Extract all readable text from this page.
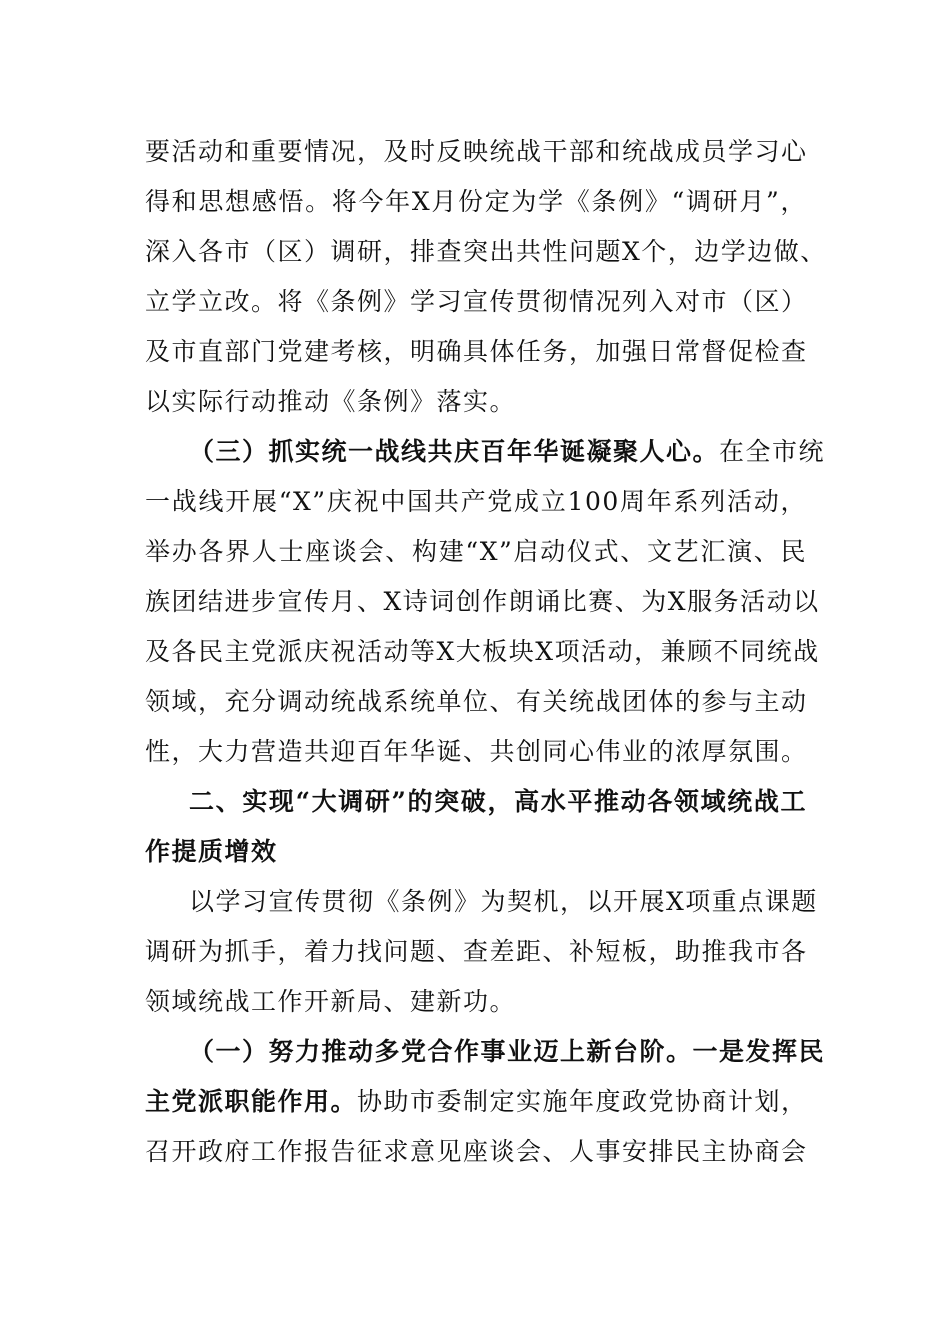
要活动和重要情况，及时反映统战干部和统战成员学习心
得和思想感悟。将今年X月份定为学《条例》“调研月”，
深入各市（区）调研，排查突出共性问题X个，边学边做、
立学立改。将《条例》学习宣传贯彻情况列入对市（区）
及市直部门党建考核，明确具体任务，加强日常督促检查
以实际行动推动《条例》落实。
（三）抓实统一战线共庆百年华诞凝聚人心。在全市统
一战线开展“X”庆祝中国共产党成立100周年系列活动，
举办各界人士座谈会、构建“X”启动仪式、文艺汇演、民
族团结进步宣传月、X诗词创作朗诵比赛、为X服务活动以
及各民主党派庆祝活动等X大板块X项活动，兼顾不同统战
领域，充分调动统战系统单位、有关统战团体的参与主动
性，大力营造共迎百年华诞、共创同心伟业的浓厚氛围。
二、实现“大调研”的突破，高水平推动各领域统战工
作提质增效
以学习宣传贯彻《条例》为契机，以开展X项重点课题
调研为抓手，着力找问题、查差距、补短板，助推我市各
领域统战工作开新局、建新功。
（一）努力推动多党合作事业迈上新台阶。一是发挥民
主党派职能作用。协助市委制定实施年度政党协商计划，
召开政府工作报告征求意见座谈会、人事安排民主协商会
